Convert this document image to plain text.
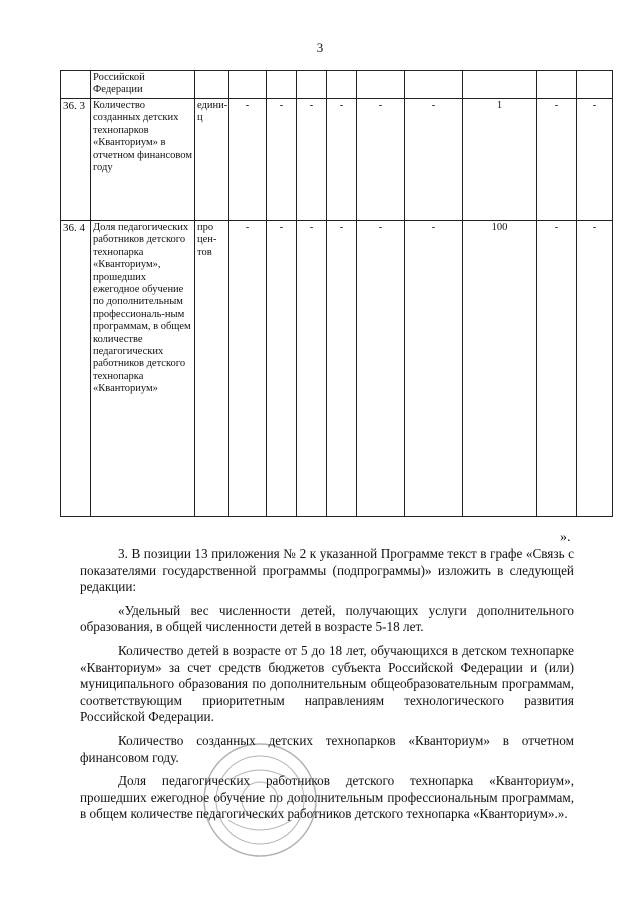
3
	Российской Федерации										
36. 3	Количество созданных детских технопарков «Кванториум» в отчетном финансовом году	едини-ц	-	-	-	-	-	-	1	-	-
36. 4	Доля педагогических работников детского технопарка «Кванториум», прошедших ежегодное обучение по дополнительным профессиональ-ным программам, в общем количестве педагогических работников детского технопарка «Кванториум»	про цен-тов	-	-	-	-	-	-	100	-	-
».

3. В позиции 13 приложения № 2 к указанной Программе текст в графе «Связь с показателями государственной программы (подпрограммы)» изложить в следующей редакции:

«Удельный вес численности детей, получающих услуги дополнительного образования, в общей численности детей в возрасте 5-18 лет.

Количество детей в возрасте от 5 до 18 лет, обучающихся в детском технопарке «Кванториум» за счет средств бюджетов субъекта Российской Федерации и (или) муниципального образования по дополнительным общеобразовательным программам, соответствующим приоритетным направлениям технологического развития Российской Федерации.

Количество созданных детских технопарков «Кванториум» в отчетном финансовом году.

Доля педагогических работников детского технопарка «Кванториум», прошедших ежегодное обучение по дополнительным профессиональным программам, в общем количестве педагогических работников детского технопарка «Кванториум».».
